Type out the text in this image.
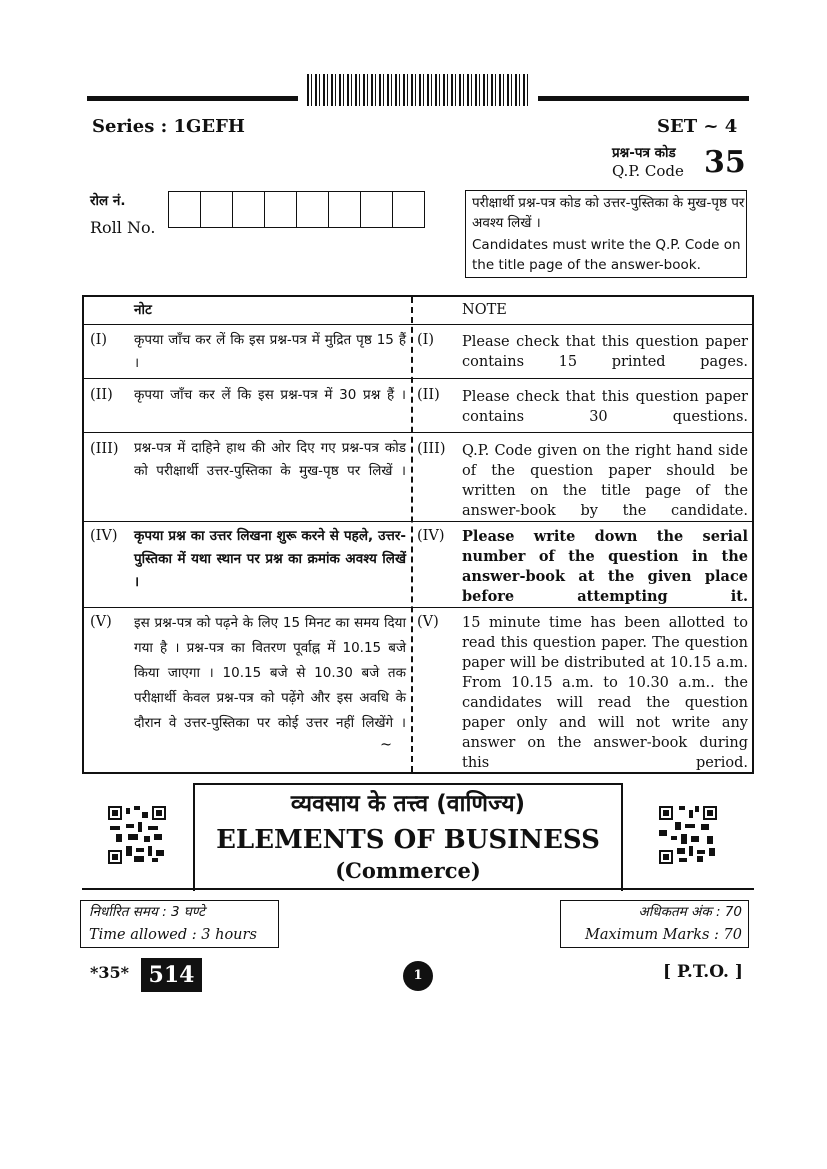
Series : 1GEFH	SET ~ 4
प्रश्न-पत्र कोड
Q.P. Code 35
रोल नं.
Roll No.
परीक्षार्थी प्रश्न-पत्र कोड को उत्तर-पुस्तिका के मुख-पृष्ठ पर अवश्य लिखें ।
Candidates must write the Q.P. Code on the title page of the answer-book.
नोट	NOTE
(I) कृपया जाँच कर लें कि इस प्रश्न-पत्र में मुद्रित पृष्ठ 15 हैं ।
(I) Please check that this question paper contains 15 printed pages.
(II) कृपया जाँच कर लें कि इस प्रश्न-पत्र में 30 प्रश्न हैं । (II) Please check that this question paper contains 30 questions.
(III) प्रश्न-पत्र में दाहिने हाथ की ओर दिए गए प्रश्न-पत्र कोड को परीक्षार्थी उत्तर-पुस्तिका के मुख-पृष्ठ पर लिखें ।
(III) Q.P. Code given on the right hand side of the question paper should be written on the title page of the answer-book by the candidate.
(IV) कृपया प्रश्न का उत्तर लिखना शुरू करने से पहले, उत्तर-पुस्तिका में यथा स्थान पर प्रश्न का क्रमांक अवश्य लिखें ।
(IV) Please write down the serial number of the question in the answer-book at the given place before attempting it.
(V) इस प्रश्न-पत्र को पढ़ने के लिए 15 मिनट का समय दिया गया है । प्रश्न-पत्र का वितरण पूर्वाह्न में 10.15 बजे किया जाएगा । 10.15 बजे से 10.30 बजे तक परीक्षार्थी केवल प्रश्न-पत्र को पढ़ेंगे और इस अवधि के दौरान वे उत्तर-पुस्तिका पर कोई उत्तर नहीं लिखेंगे ।
(V) 15 minute time has been allotted to read this question paper. The question paper will be distributed at 10.15 a.m. From 10.15 a.m. to 10.30 a.m.. the candidates will read the question paper only and will not write any answer on the answer-book during this period.
~
व्यवसाय के तत्त्व (वाणिज्य)
ELEMENTS OF BUSINESS
(Commerce)
निर्धारित समय : 3 घण्टे
Time allowed : 3 hours
अधिकतम अंक : 70
Maximum Marks : 70
*35* 514	1	[ P.T.O. ]
